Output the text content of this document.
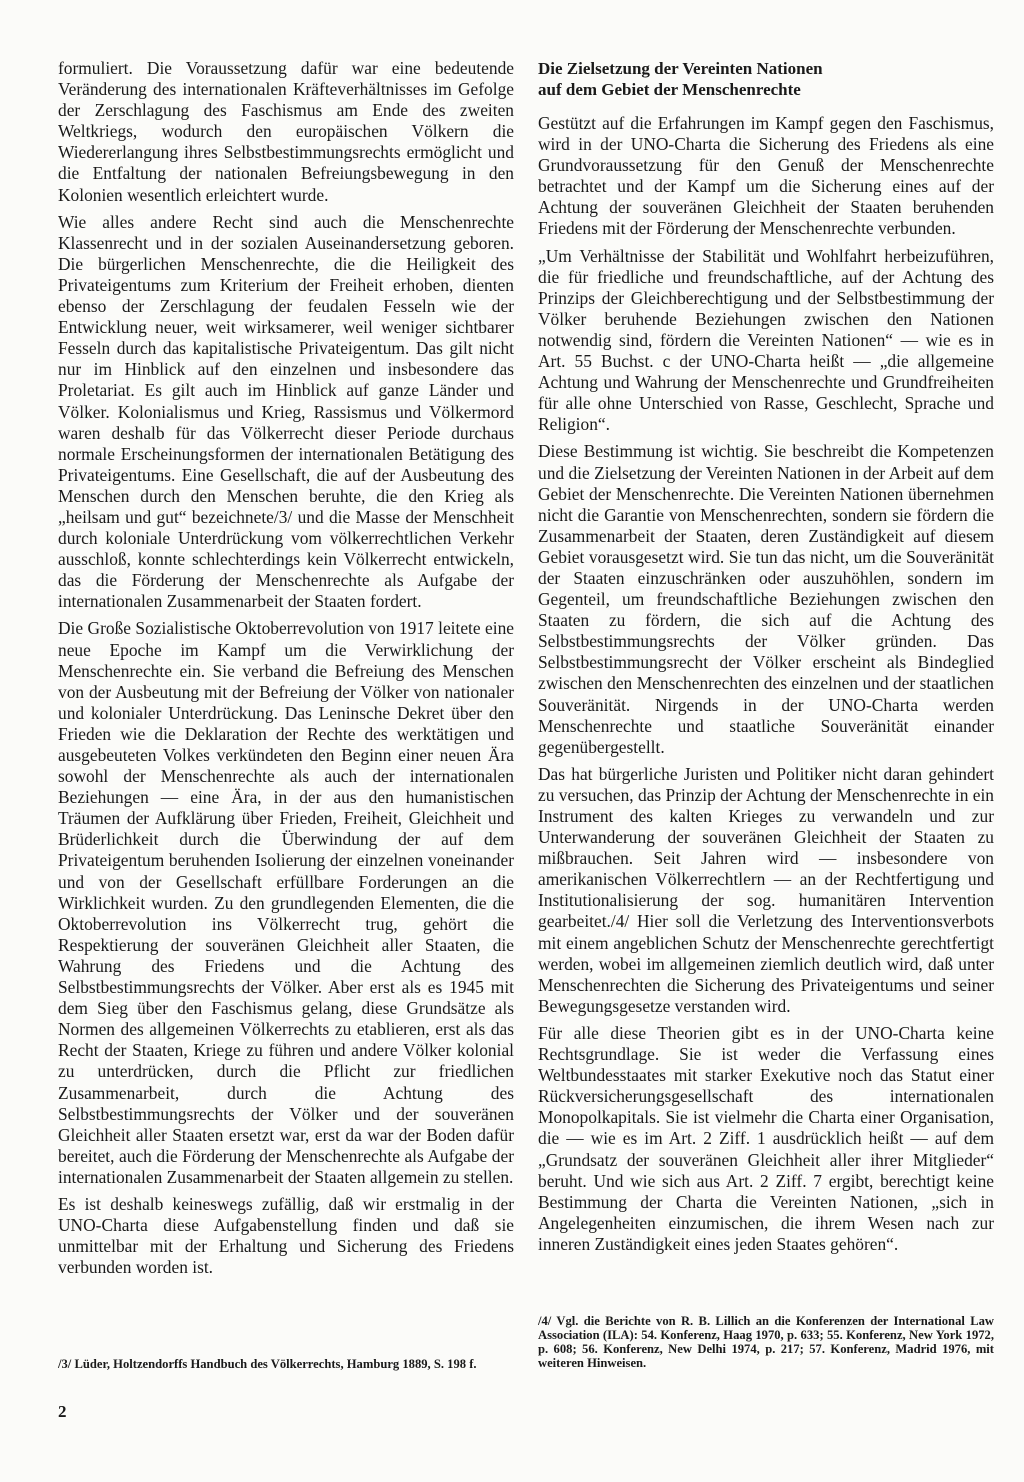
formuliert. Die Voraussetzung dafür war eine bedeutende Veränderung des internationalen Kräfteverhältnisses im Gefolge der Zerschlagung des Faschismus am Ende des zweiten Weltkriegs, wodurch den europäischen Völkern die Wiedererlangung ihres Selbstbestimmungsrechts ermöglicht und die Entfaltung der nationalen Befreiungsbewegung in den Kolonien wesentlich erleichtert wurde.

Wie alles andere Recht sind auch die Menschenrechte Klassenrecht und in der sozialen Auseinandersetzung geboren. Die bürgerlichen Menschenrechte, die die Heiligkeit des Privateigentums zum Kriterium der Freiheit erhoben, dienten ebenso der Zerschlagung der feudalen Fesseln wie der Entwicklung neuer, weit wirksamerer, weil weniger sichtbarer Fesseln durch das kapitalistische Privateigentum. Das gilt nicht nur im Hinblick auf den einzelnen und insbesondere das Proletariat. Es gilt auch im Hinblick auf ganze Länder und Völker. Kolonialismus und Krieg, Rassismus und Völkermord waren deshalb für das Völkerrecht dieser Periode durchaus normale Erscheinungsformen der internationalen Betätigung des Privateigentums. Eine Gesellschaft, die auf der Ausbeutung des Menschen durch den Menschen beruhte, die den Krieg als „heilsam und gut“ bezeichnete/3/ und die Masse der Menschheit durch koloniale Unterdrückung vom völkerrechtlichen Verkehr ausschloß, konnte schlechterdings kein Völkerrecht entwickeln, das die Förderung der Menschenrechte als Aufgabe der internationalen Zusammenarbeit der Staaten fordert.

Die Große Sozialistische Oktoberrevolution von 1917 leitete eine neue Epoche im Kampf um die Verwirklichung der Menschenrechte ein. Sie verband die Befreiung des Menschen von der Ausbeutung mit der Befreiung der Völker von nationaler und kolonialer Unterdrückung. Das Leninsche Dekret über den Frieden wie die Deklaration der Rechte des werktätigen und ausgebeuteten Volkes verkündeten den Beginn einer neuen Ära sowohl der Menschenrechte als auch der internationalen Beziehungen — eine Ära, in der aus den humanistischen Träumen der Aufklärung über Frieden, Freiheit, Gleichheit und Brüderlichkeit durch die Überwindung der auf dem Privateigentum beruhenden Isolierung der einzelnen voneinander und von der Gesellschaft erfüllbare Forderungen an die Wirklichkeit wurden. Zu den grundlegenden Elementen, die die Oktoberrevolution ins Völkerrecht trug, gehört die Respektierung der souveränen Gleichheit aller Staaten, die Wahrung des Friedens und die Achtung des Selbstbestimmungsrechts der Völker. Aber erst als es 1945 mit dem Sieg über den Faschismus gelang, diese Grundsätze als Normen des allgemeinen Völkerrechts zu etablieren, erst als das Recht der Staaten, Kriege zu führen und andere Völker kolonial zu unterdrücken, durch die Pflicht zur friedlichen Zusammenarbeit, durch die Achtung des Selbstbestimmungsrechts der Völker und der souveränen Gleichheit aller Staaten ersetzt war, erst da war der Boden dafür bereitet, auch die Förderung der Menschenrechte als Aufgabe der internationalen Zusammenarbeit der Staaten allgemein zu stellen.

Es ist deshalb keineswegs zufällig, daß wir erstmalig in der UNO-Charta diese Aufgabenstellung finden und daß sie unmittelbar mit der Erhaltung und Sicherung des Friedens verbunden worden ist.

Die Zielsetzung der Vereinten Nationen
auf dem Gebiet der Menschenrechte

Gestützt auf die Erfahrungen im Kampf gegen den Faschismus, wird in der UNO-Charta die Sicherung des Friedens als eine Grundvoraussetzung für den Genuß der Menschenrechte betrachtet und der Kampf um die Sicherung eines auf der Achtung der souveränen Gleichheit der Staaten beruhenden Friedens mit der Förderung der Menschenrechte verbunden.

„Um Verhältnisse der Stabilität und Wohlfahrt herbeizuführen, die für friedliche und freundschaftliche, auf der Achtung des Prinzips der Gleichberechtigung und der Selbstbestimmung der Völker beruhende Beziehungen zwischen den Nationen notwendig sind, fördern die Vereinten Nationen“ — wie es in Art. 55 Buchst. c der UNO-Charta heißt — „die allgemeine Achtung und Wahrung der Menschenrechte und Grundfreiheiten für alle ohne Unterschied von Rasse, Geschlecht, Sprache und Religion“.

Diese Bestimmung ist wichtig. Sie beschreibt die Kompetenzen und die Zielsetzung der Vereinten Nationen in der Arbeit auf dem Gebiet der Menschenrechte. Die Vereinten Nationen übernehmen nicht die Garantie von Menschenrechten, sondern sie fördern die Zusammenarbeit der Staaten, deren Zuständigkeit auf diesem Gebiet vorausgesetzt wird. Sie tun das nicht, um die Souveränität der Staaten einzuschränken oder auszuhöhlen, sondern im Gegenteil, um freundschaftliche Beziehungen zwischen den Staaten zu fördern, die sich auf die Achtung des Selbstbestimmungsrechts der Völker gründen. Das Selbstbestimmungsrecht der Völker erscheint als Bindeglied zwischen den Menschenrechten des einzelnen und der staatlichen Souveränität. Nirgends in der UNO-Charta werden Menschenrechte und staatliche Souveränität einander gegenübergestellt.

Das hat bürgerliche Juristen und Politiker nicht daran gehindert zu versuchen, das Prinzip der Achtung der Menschenrechte in ein Instrument des kalten Krieges zu verwandeln und zur Unterwanderung der souveränen Gleichheit der Staaten zu mißbrauchen. Seit Jahren wird — insbesondere von amerikanischen Völkerrechtlern — an der Rechtfertigung und Institutionalisierung der sog. humanitären Intervention gearbeitet./4/ Hier soll die Verletzung des Interventionsverbots mit einem angeblichen Schutz der Menschenrechte gerechtfertigt werden, wobei im allgemeinen ziemlich deutlich wird, daß unter Menschenrechten die Sicherung des Privateigentums und seiner Bewegungsgesetze verstanden wird.

Für alle diese Theorien gibt es in der UNO-Charta keine Rechtsgrundlage. Sie ist weder die Verfassung eines Weltbundesstaates mit starker Exekutive noch das Statut einer Rückversicherungsgesellschaft des internationalen Monopolkapitals. Sie ist vielmehr die Charta einer Organisation, die — wie es im Art. 2 Ziff. 1 ausdrücklich heißt — auf dem „Grundsatz der souveränen Gleichheit aller ihrer Mitglieder“ beruht. Und wie sich aus Art. 2 Ziff. 7 ergibt, berechtigt keine Bestimmung der Charta die Vereinten Nationen, „sich in Angelegenheiten einzumischen, die ihrem Wesen nach zur inneren Zuständigkeit eines jeden Staates gehören“.

/3/ Lüder, Holtzendorffs Handbuch des Völkerrechts, Hamburg 1889, S. 198 f.
/4/ Vgl. die Berichte von R. B. Lillich an die Konferenzen der International Law Association (ILA): 54. Konferenz, Haag 1970, p. 633; 55. Konferenz, New York 1972, p. 608; 56. Konferenz, New Delhi 1974, p. 217; 57. Konferenz, Madrid 1976, mit weiteren Hinweisen.
2
